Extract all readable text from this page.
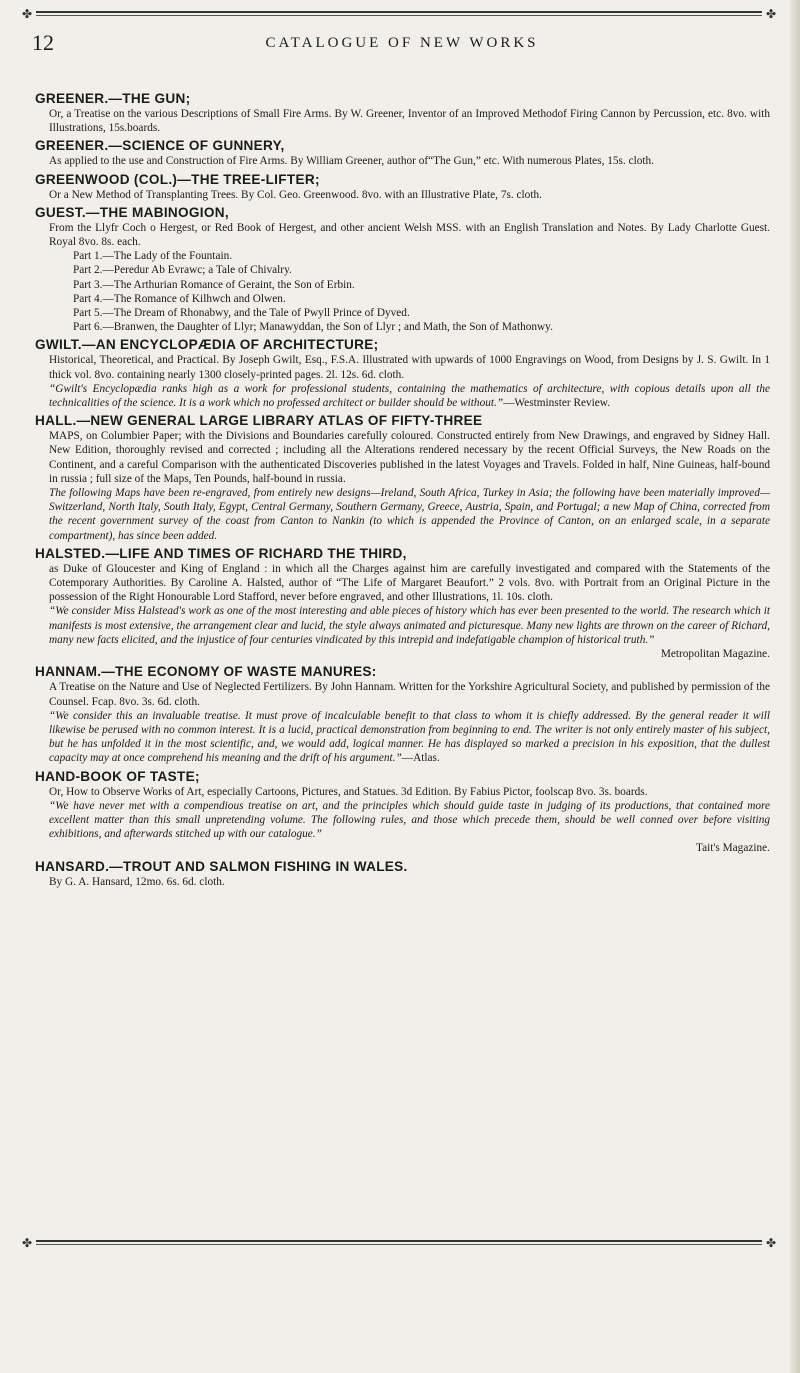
✤	✤
12	CATALOGUE OF NEW WORKS
GREENER.—THE GUN;
Or, a Treatise on the various Descriptions of Small Fire Arms. By W. Greener, Inventor of an Improved Methodof Firing Cannon by Percussion, etc. 8vo. with Illustrations, 15s.boards.
GREENER.—SCIENCE OF GUNNERY,
As applied to the use and Construction of Fire Arms. By William Greener, author of“The Gun,” etc. With numerous Plates, 15s. cloth.
GREENWOOD (COL.)—THE TREE-LIFTER;
Or a New Method of Transplanting Trees. By Col. Geo. Greenwood. 8vo. with an Illustrative Plate, 7s. cloth.
GUEST.—THE MABINOGION,
From the Llyfr Coch o Hergest, or Red Book of Hergest, and other ancient Welsh MSS. with an English Translation and Notes. By Lady Charlotte Guest. Royal 8vo. 8s. each.
Part 1.—The Lady of the Fountain.
Part 2.—Peredur Ab Evrawc; a Tale of Chivalry.
Part 3.—The Arthurian Romance of Geraint, the Son of Erbin.
Part 4.—The Romance of Kilhwch and Olwen.
Part 5.—The Dream of Rhonabwy, and the Tale of Pwyll Prince of Dyved.
Part 6.—Branwen, the Daughter of Llyr; Manawyddan, the Son of Llyr ; and Math, the Son of Mathonwy.
GWILT.—AN ENCYCLOPÆDIA OF ARCHITECTURE;
Historical, Theoretical, and Practical. By Joseph Gwilt, Esq., F.S.A. Illustrated with upwards of 1000 Engravings on Wood, from Designs by J. S. Gwilt. In 1 thick vol. 8vo. containing nearly 1300 closely-printed pages. 2l. 12s. 6d. cloth.
“Gwilt's Encyclopædia ranks high as a work for professional students, containing the mathematics of architecture, with copious details upon all the technicalities of the science. It is a work which no professed architect or builder should be without.”—Westminster Review.
HALL.—NEW GENERAL LARGE LIBRARY ATLAS OF FIFTY-THREE
MAPS, on Columbier Paper; with the Divisions and Boundaries carefully coloured. Constructed entirely from New Drawings, and engraved by Sidney Hall. New Edition, thoroughly revised and corrected ; including all the Alterations rendered necessary by the recent Official Surveys, the New Roads on the Continent, and a careful Comparison with the authenticated Discoveries published in the latest Voyages and Travels. Folded in half, Nine Guineas, half-bound in russia ; full size of the Maps, Ten Pounds, half-bound in russia.
The following Maps have been re-engraved, from entirely new designs—Ireland, South Africa, Turkey in Asia; the following have been materially improved—Switzerland, North Italy, South Italy, Egypt, Central Germany, Southern Germany, Greece, Austria, Spain, and Portugal; a new Map of China, corrected from the recent government survey of the coast from Canton to Nankin (to which is appended the Province of Canton, on an enlarged scale, in a separate compartment), has since been added.
HALSTED.—LIFE AND TIMES OF RICHARD THE THIRD,
as Duke of Gloucester and King of England : in which all the Charges against him are carefully investigated and compared with the Statements of the Cotemporary Authorities. By Caroline A. Halsted, author of “The Life of Margaret Beaufort.” 2 vols. 8vo. with Portrait from an Original Picture in the possession of the Right Honourable Lord Stafford, never before engraved, and other Illustrations, 1l. 10s. cloth.
“We consider Miss Halstead's work as one of the most interesting and able pieces of history which has ever been presented to the world. The research which it manifests is most extensive, the arrangement clear and lucid, the style always animated and picturesque. Many new lights are thrown on the career of Richard, many new facts elicited, and the injustice of four centuries vindicated by this intrepid and indefatigable champion of historical truth.”
Metropolitan Magazine.
HANNAM.—THE ECONOMY OF WASTE MANURES:
A Treatise on the Nature and Use of Neglected Fertilizers. By John Hannam. Written for the Yorkshire Agricultural Society, and published by permission of the Counsel. Fcap. 8vo. 3s. 6d. cloth.
“We consider this an invaluable treatise. It must prove of incalculable benefit to that class to whom it is chiefly addressed. By the general reader it will likewise be perused with no common interest. It is a lucid, practical demonstration from beginning to end. The writer is not only entirely master of his subject, but he has unfolded it in the most scientific, and, we would add, logical manner. He has displayed so marked a precision in his exposition, that the dullest capacity may at once comprehend his meaning and the drift of his argument.”—Atlas.
HAND-BOOK OF TASTE;
Or, How to Observe Works of Art, especially Cartoons, Pictures, and Statues. 3d Edition. By Fabius Pictor, foolscap 8vo. 3s. boards.
“We have never met with a compendious treatise on art, and the principles which should guide taste in judging of its productions, that contained more excellent matter than this small unpretending volume. The following rules, and those which precede them, should be well conned over before visiting exhibitions, and afterwards stitched up with our catalogue.”
Tait's Magazine.
HANSARD.—TROUT AND SALMON FISHING IN WALES.
By G. A. Hansard, 12mo. 6s. 6d. cloth.
✤	✤
